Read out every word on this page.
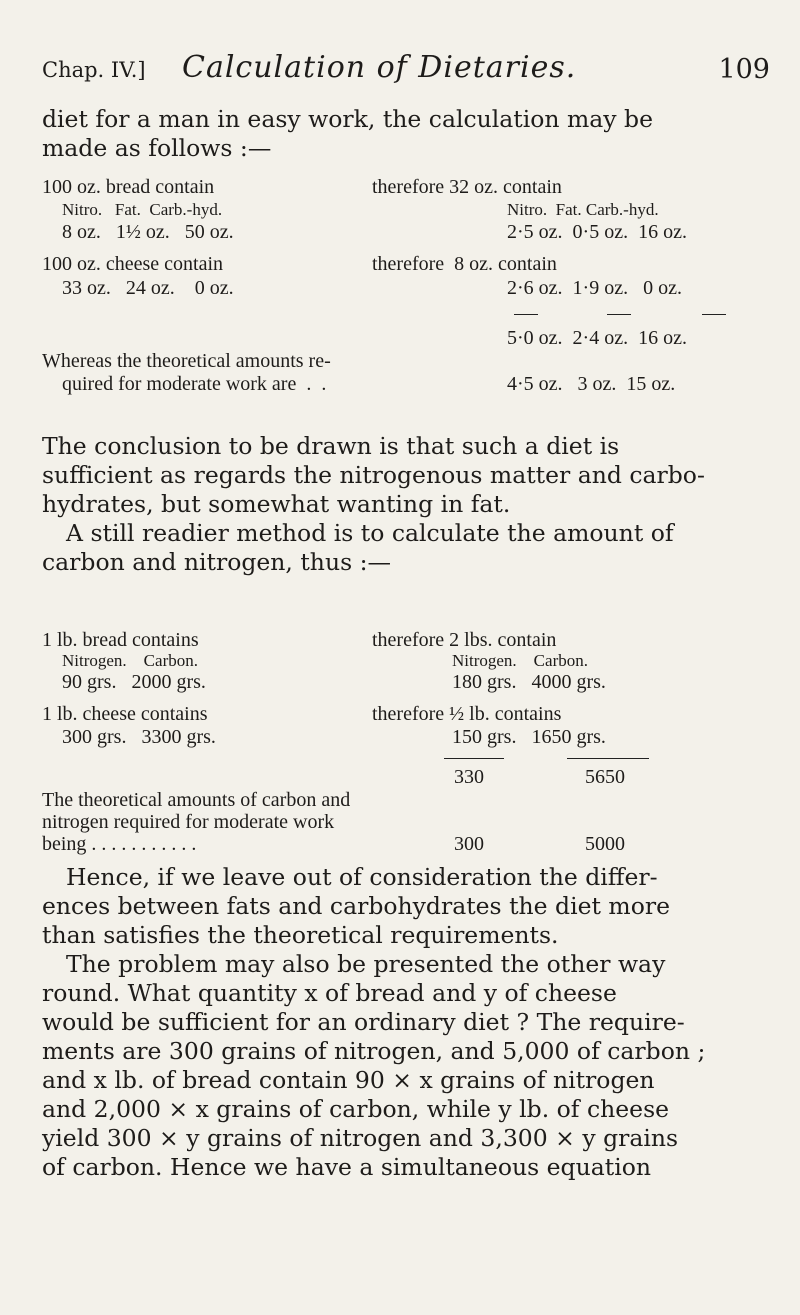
Chap. IV.] Calculation of Dietaries.	109
diet for a man in easy work, the calculation may be
made as follows :—
100 oz. bread contain	therefore 32 oz. contain
Nitro.   Fat.  Carb.-hyd.	Nitro.  Fat. Carb.-hyd.
8 oz.   1½ oz.   50 oz.	2·5 oz.  0·5 oz.  16 oz.
100 oz. cheese contain	therefore  8 oz. contain
33 oz.   24 oz.    0 oz.	2·6 oz.  1·9 oz.   0 oz.
5·0 oz.  2·4 oz.  16 oz.
Whereas the theoretical amounts re-
quired for moderate work are  .  .	4·5 oz.   3 oz.  15 oz.
The conclusion to be drawn is that such a diet is
sufficient as regards the nitrogenous matter and carbo-
hydrates, but somewhat wanting in fat.
A still readier method is to calculate the amount of
carbon and nitrogen, thus :—
1 lb. bread contains	therefore 2 lbs. contain
Nitrogen.    Carbon.	Nitrogen.    Carbon.
90 grs.   2000 grs.	180 grs.   4000 grs.
1 lb. cheese contains	therefore ½ lb. contains
300 grs.   3300 grs.	150 grs.   1650 grs.
330	5650
The theoretical amounts of carbon and
nitrogen required for moderate work
being . . . . . . . . . . .	300	5000
Hence, if we leave out of consideration the differ-
ences between fats and carbohydrates the diet more
than satisfies the theoretical requirements.
The problem may also be presented the other way
round. What quantity x of bread and y of cheese
would be sufficient for an ordinary diet ? The require-
ments are 300 grains of nitrogen, and 5,000 of carbon ;
and x lb. of bread contain 90 × x grains of nitrogen
and 2,000 × x grains of carbon, while y lb. of cheese
yield 300 × y grains of nitrogen and 3,300 × y grains
of carbon. Hence we have a simultaneous equation
